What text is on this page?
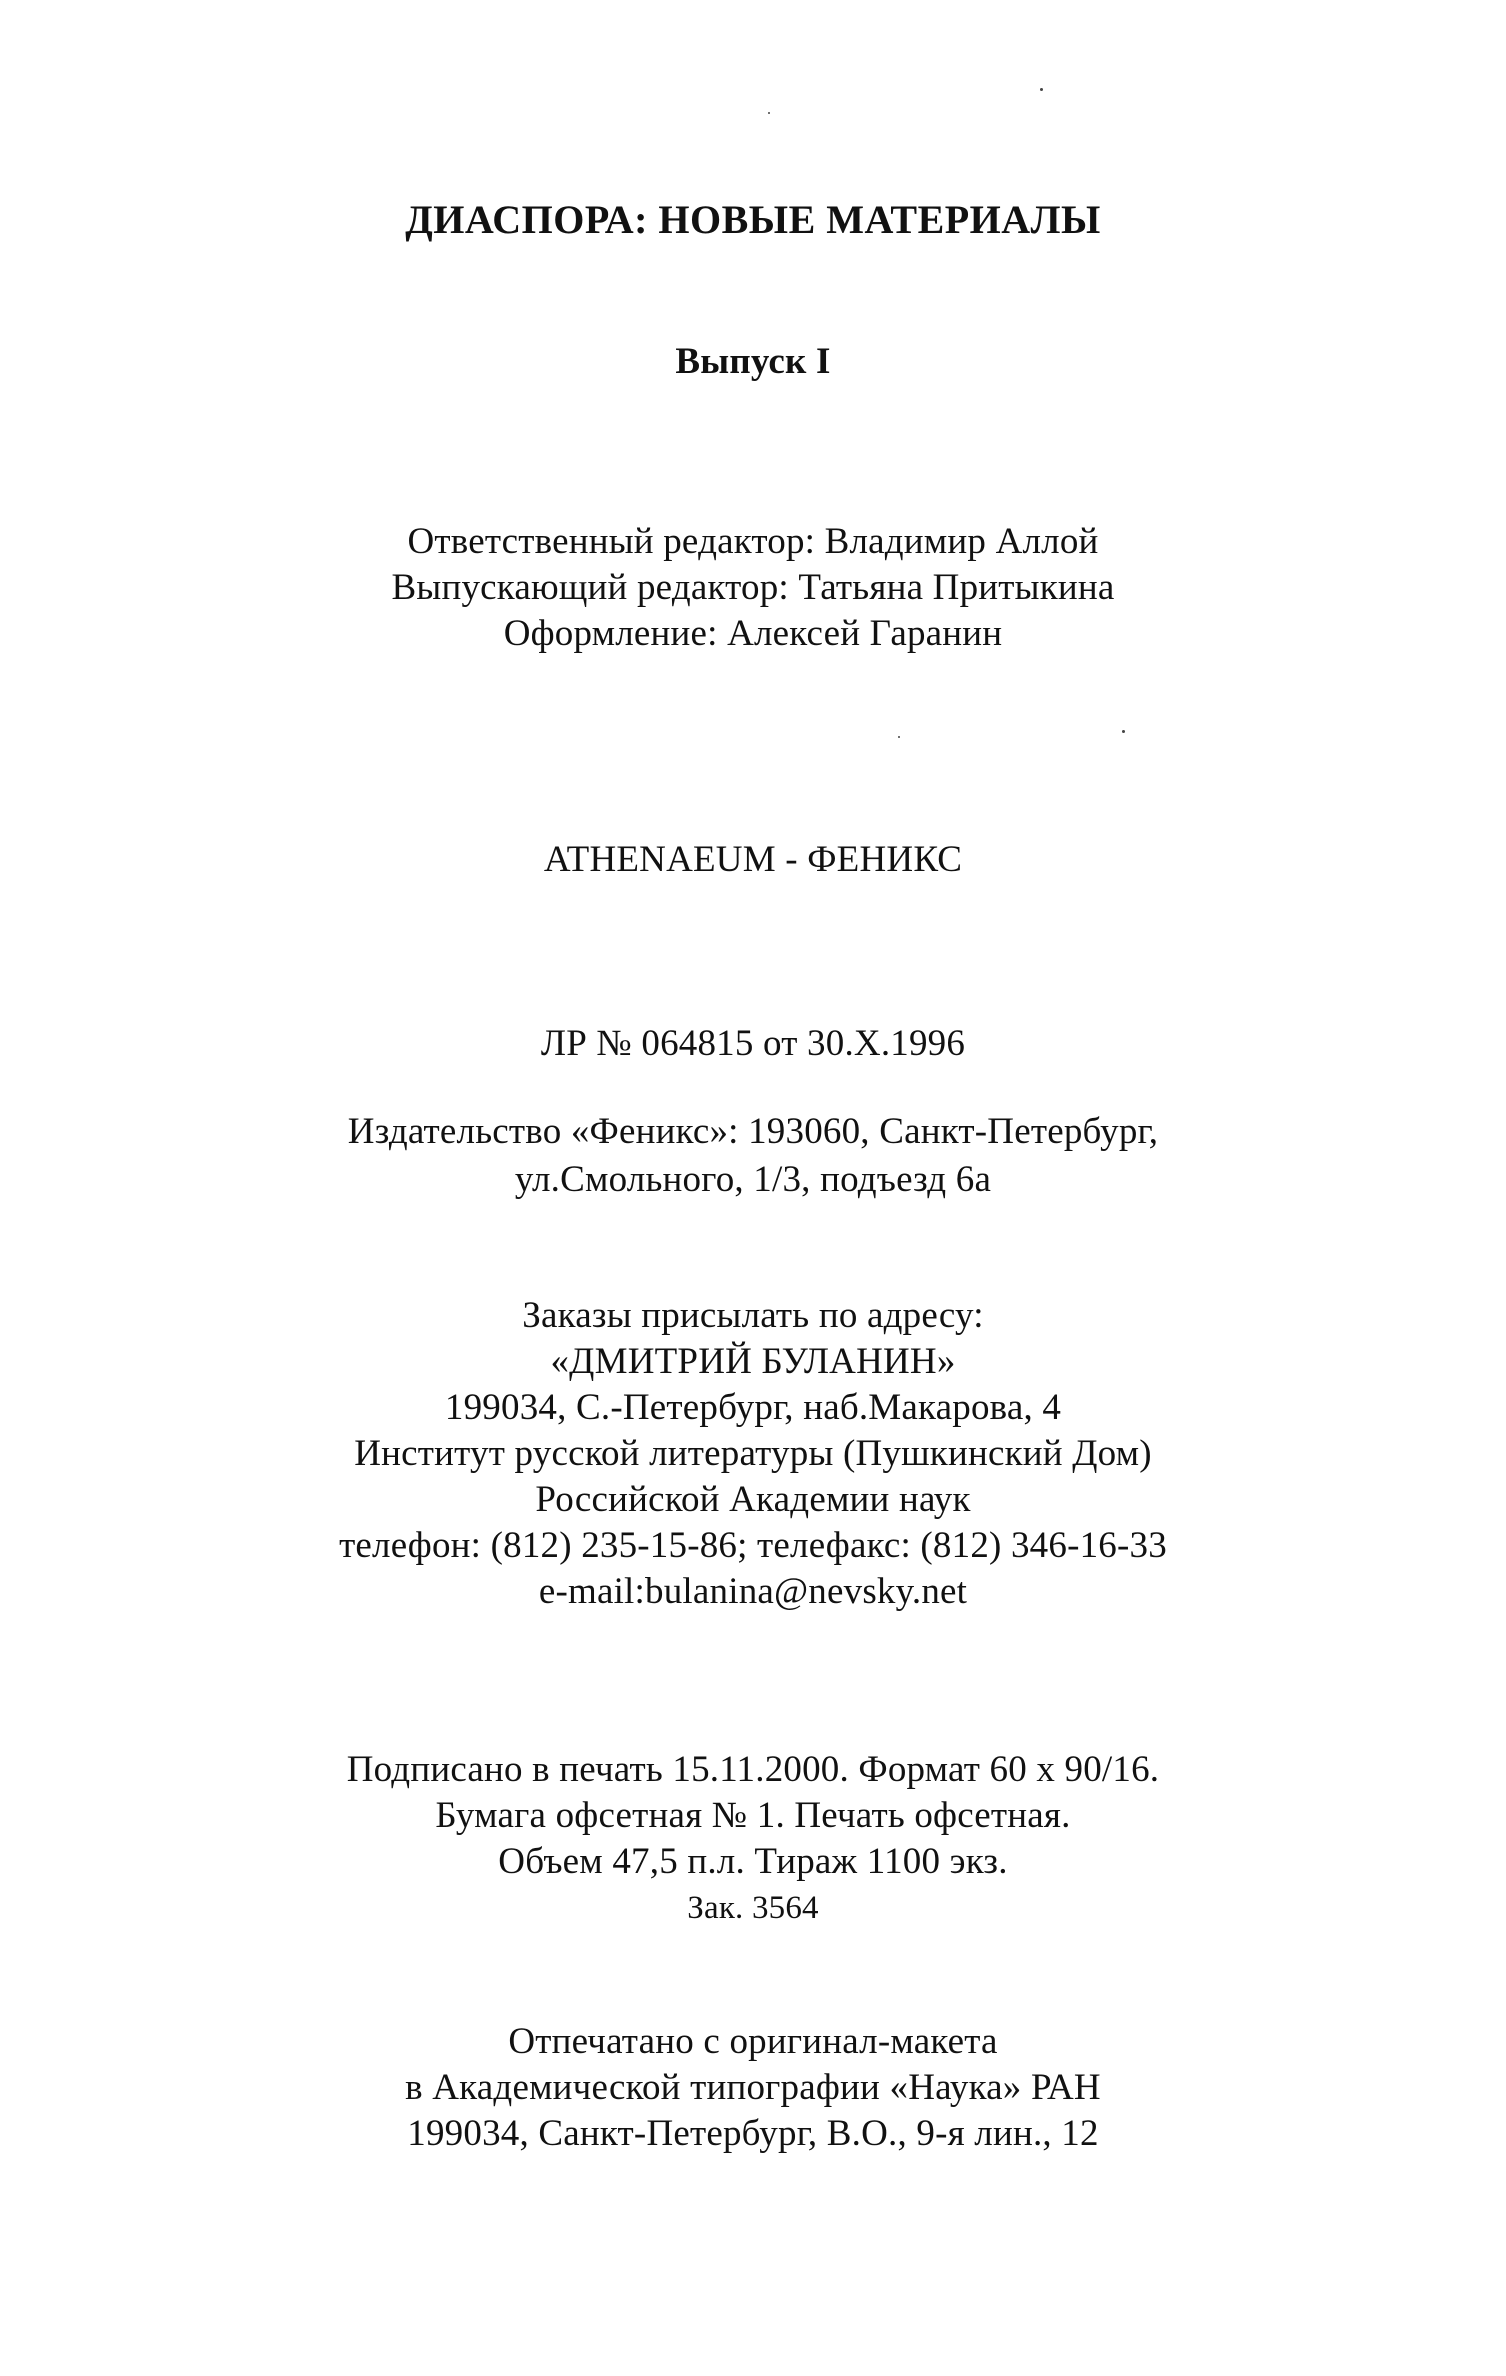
ДИАСПОРА: НОВЫЕ МАТЕРИАЛЫ
Выпуск I
Ответственный редактор: Владимир Аллой
Выпускающий редактор: Татьяна Притыкина
Оформление: Алексей Гаранин
ATHENAEUM - ФЕНИКС
ЛР № 064815 от 30.Х.1996
Издательство «Феникс»: 193060, Санкт-Петербург,
ул.Смольного, 1/3, подъезд 6а
Заказы присылать по адресу:
«ДМИТРИЙ БУЛАНИН»
199034, С.-Петербург, наб.Макарова, 4
Институт русской литературы (Пушкинский Дом)
Российской Академии наук
телефон: (812) 235-15-86; телефакс: (812) 346-16-33
e-mail:bulanina@nevsky.net
Подписано в печать 15.11.2000. Формат 60 х 90/16.
Бумага офсетная № 1. Печать офсетная.
Объем 47,5 п.л. Тираж 1100 экз.
Зак. 3564
Отпечатано с оригинал-макета
в Академической типографии «Наука» РАН
199034, Санкт-Петербург, В.О., 9-я лин., 12
